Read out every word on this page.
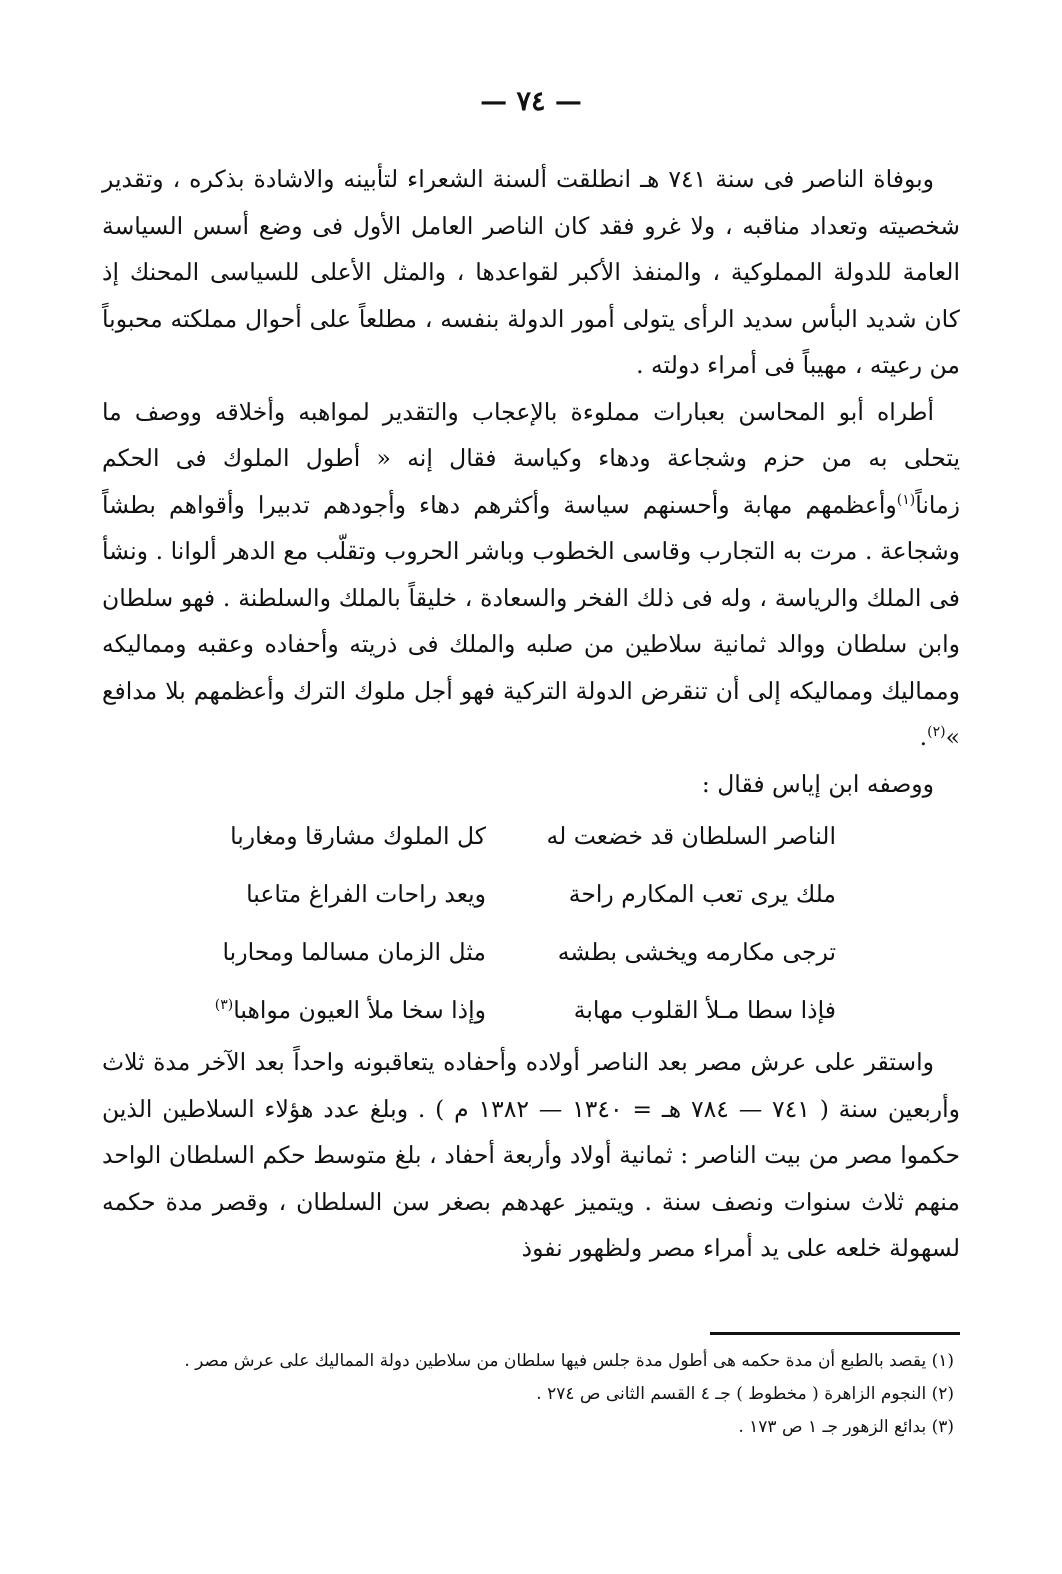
— ٧٤ —

وبوفاة الناصر فى سنة ٧٤١ هـ انطلقت ألسنة الشعراء لتأبينه والاشادة بذكره ، وتقدير شخصيته وتعداد مناقبه ، ولا غرو فقد كان الناصر العامل الأول فى وضع أسس السياسة العامة للدولة المملوكية ، والمنفذ الأكبر لقواعدها ، والمثل الأعلى للسياسى المحنك إذ كان شديد البأس سديد الرأى يتولى أمور الدولة بنفسه ، مطلعاً على أحوال مملكته محبوباً من رعيته ، مهيباً فى أمراء دولته .

أطراه أبو المحاسن بعبارات مملوءة بالإعجاب والتقدير لمواهبه وأخلاقه ووصف ما يتحلى به من حزم وشجاعة ودهاء وكياسة فقال إنه « أطول الملوك فى الحكم زماناً$^{(١)}$وأعظمهم مهابة وأحسنهم سياسة وأكثرهم دهاء وأجودهم تدبيرا وأقواهم بطشاً وشجاعة . مرت به التجارب وقاسى الخطوب وباشر الحروب وتقلّب مع الدهر ألوانا . ونشأ فى الملك والرياسة ، وله فى ذلك الفخر والسعادة ، خليقاً بالملك والسلطنة . فهو سلطان وابن سلطان ووالد ثمانية سلاطين من صلبه والملك فى ذريته وأحفاده وعقبه ومماليكه ومماليك ومماليكه إلى أن تنقرض الدولة التركية فهو أجل ملوك الترك وأعظمهم بلا مدافع »$^{(٢)}$.

ووصفه ابن إياس فقال :

الناصر السلطان قد خضعت له
كل الملوك مشارقا ومغاربا
ملك يرى تعب المكارم راحة
ويعد راحات الفراغ متاعبا
ترجى مكارمه ويخشى بطشه
مثل الزمان مسالما ومحاربا
فإذا سطا مـلأ القلوب مهابة
وإذا سخا ملأ العيون مواهبا$^{(٣)}$

واستقر على عرش مصر بعد الناصر أولاده وأحفاده يتعاقبونه واحداً بعد الآخر مدة ثلاث وأربعين سنة ( ٧٤١ — ٧٨٤ هـ = ١٣٤٠ — ١٣٨٢ م ) . وبلغ عدد هؤلاء السلاطين الذين حكموا مصر من بيت الناصر : ثمانية أولاد وأربعة أحفاد ، بلغ متوسط حكم السلطان الواحد منهم ثلاث سنوات ونصف سنة . ويتميز عهدهم بصغر سن السلطان ، وقصر مدة حكمه لسهولة خلعه على يد أمراء مصر ولظهور نفوذ

(١) يقصد بالطبع أن مدة حكمه هى أطول مدة جلس فيها سلطان من سلاطين دولة المماليك على عرش مصر .

(٢) النجوم الزاهرة ( مخطوط ) جـ ٤ القسم الثانى ص ٢٧٤ .

(٣) بدائع الزهور جـ ١ ص ١٧٣ .
